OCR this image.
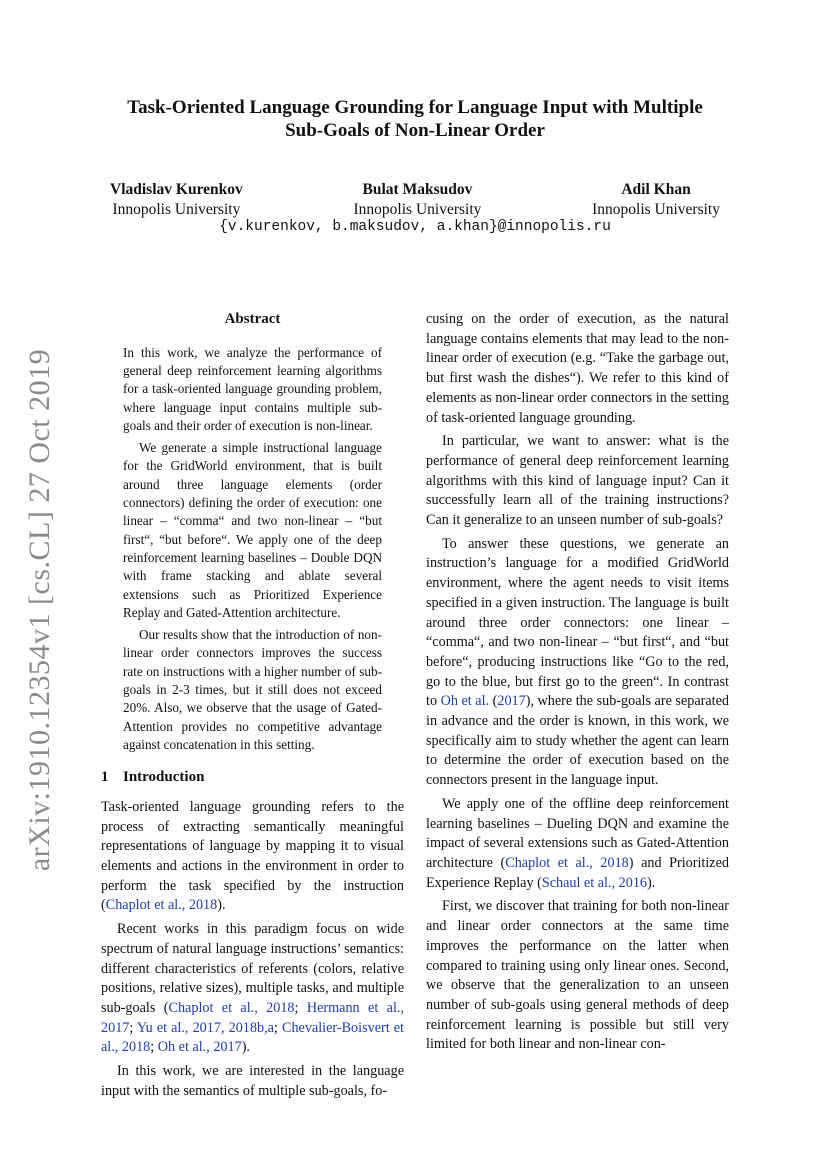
arXiv:1910.12354v1 [cs.CL] 27 Oct 2019
Task-Oriented Language Grounding for Language Input with Multiple
Sub-Goals of Non-Linear Order
Vladislav Kurenkov
Innopolis University
Bulat Maksudov
Innopolis University
Adil Khan
Innopolis University
{v.kurenkov, b.maksudov, a.khan}@innopolis.ru
Abstract

In this work, we analyze the performance of general deep reinforcement learning algorithms for a task-oriented language grounding problem, where language input contains multiple sub-goals and their order of execution is non-linear.

We generate a simple instructional language for the GridWorld environment, that is built around three language elements (order connectors) defining the order of execution: one linear – “comma“ and two non-linear – “but first“, “but before“. We apply one of the deep reinforcement learning baselines – Double DQN with frame stacking and ablate several extensions such as Prioritized Experience Replay and Gated-Attention architecture.

Our results show that the introduction of non-linear order connectors improves the success rate on instructions with a higher number of sub-goals in 2-3 times, but it still does not exceed 20%. Also, we observe that the usage of Gated-Attention provides no competitive advantage against concatenation in this setting.

1 Introduction

Task-oriented language grounding refers to the process of extracting semantically meaningful representations of language by mapping it to visual elements and actions in the environment in order to perform the task specified by the instruction (Chaplot et al., 2018).

Recent works in this paradigm focus on wide spectrum of natural language instructions’ semantics: different characteristics of referents (colors, relative positions, relative sizes), multiple tasks, and multiple sub-goals (Chaplot et al., 2018; Hermann et al., 2017; Yu et al., 2017, 2018b,a; Chevalier-Boisvert et al., 2018; Oh et al., 2017).

In this work, we are interested in the language input with the semantics of multiple sub-goals, fo-

cusing on the order of execution, as the natural language contains elements that may lead to the non-linear order of execution (e.g. “Take the garbage out, but first wash the dishes“). We refer to this kind of elements as non-linear order connectors in the setting of task-oriented language grounding.

In particular, we want to answer: what is the performance of general deep reinforcement learning algorithms with this kind of language input? Can it successfully learn all of the training instructions? Can it generalize to an unseen number of sub-goals?

To answer these questions, we generate an instruction’s language for a modified GridWorld environment, where the agent needs to visit items specified in a given instruction. The language is built around three order connectors: one linear – “comma“, and two non-linear – “but first“, and “but before“, producing instructions like “Go to the red, go to the blue, but first go to the green“. In contrast to Oh et al. (2017), where the sub-goals are separated in advance and the order is known, in this work, we specifically aim to study whether the agent can learn to determine the order of execution based on the connectors present in the language input.

We apply one of the offline deep reinforcement learning baselines – Dueling DQN and examine the impact of several extensions such as Gated-Attention architecture (Chaplot et al., 2018) and Prioritized Experience Replay (Schaul et al., 2016).

First, we discover that training for both non-linear and linear order connectors at the same time improves the performance on the latter when compared to training using only linear ones. Second, we observe that the generalization to an unseen number of sub-goals using general methods of deep reinforcement learning is possible but still very limited for both linear and non-linear con-
